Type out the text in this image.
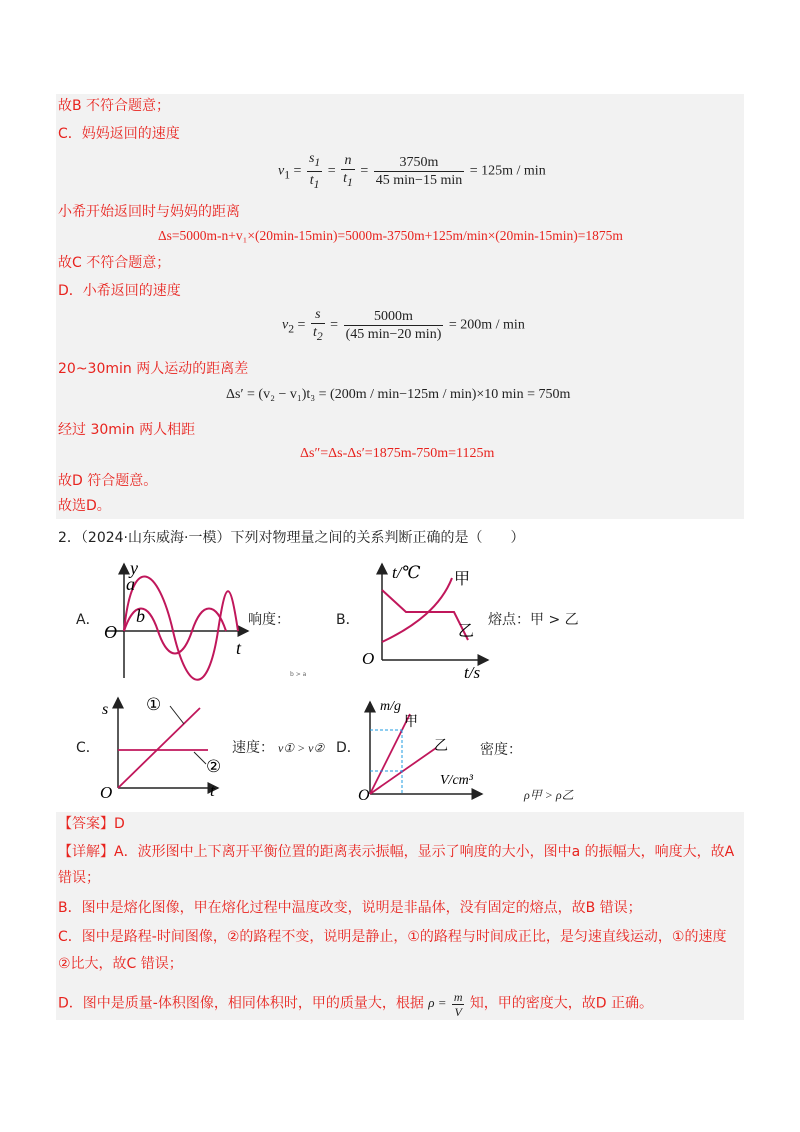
故B 不符合题意；
C．妈妈返回的速度
$v_1 = \frac{s_1}{t_1} = \frac{n}{t_1} = \frac{3750m}{45 \min-15 \min} = 125m / \min$
小希开始返回时与妈妈的距离
Δs=5000m-n+v₁×(20min-15min)=5000m-3750m+125m/min×(20min-15min)=1875m
故C 不符合题意；
D．小希返回的速度
$v_2 = \frac{s}{t_2} = \frac{5000m}{(45 \min-20 \min)} = 200m / \min$
20~30min 两人运动的距离差
Δs′ = (v₂ − v₁)t₃ = (200m / min−125m / min)×10 min = 750m
经过 30min 两人相距
Δs″=Δs-Δs′=1875m-750m=1125m
故D 符合题意。
故选D。
2．（2024·山东威海·一模）下列对物理量之间的关系判断正确的是（　　）
A．
y
a
b
O
t
响度：
b > a
B．
t/℃ 甲
乙
O
t/s
熔点：甲 > 乙
C．
s ①
②
O	t
速度： v① > v② D．
m/g
甲
乙
O
V/cm³
密度：
ρ甲 > ρ乙
【答案】D
【详解】A．波形图中上下离开平衡位置的距离表示振幅，显示了响度的大小，图中a 的振幅大，响度大，故A
错误；
B．图中是熔化图像，甲在熔化过程中温度改变，说明是非晶体，没有固定的熔点，故B 错误；
C．图中是路程-时间图像，②的路程不变，说明是静止，①的路程与时间成正比，是匀速直线运动，①的速度
②比大，故C 错误；
D．图中是质量-体积图像，相同体积时，甲的质量大，根据 $\rho = \frac{m}{V}$ 知，甲的密度大，故D 正确。
